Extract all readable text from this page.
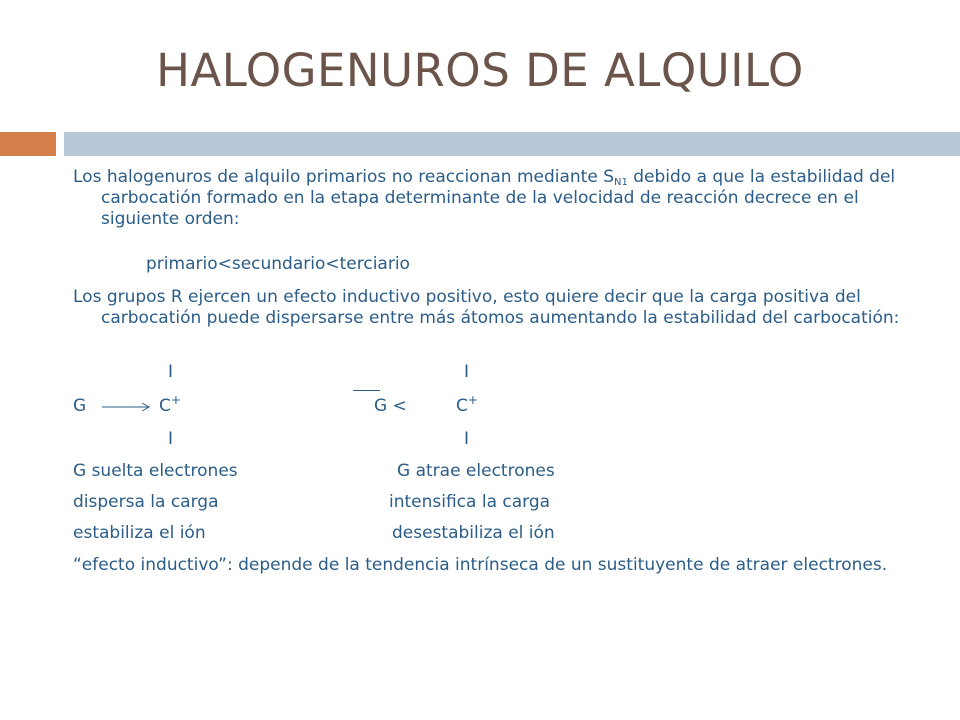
HALOGENUROS DE ALQUILO
Los halogenuros de alquilo primarios no reaccionan mediante $S_{N1}$ debido a que la estabilidad del carbocatión formado en la etapa determinante de la velocidad de reacción decrece en el siguiente orden:
primario<secundario<terciario
Los grupos R ejercen un efecto inductivo positivo, esto quiere decir que la carga positiva del carbocatión puede dispersarse entre más átomos aumentando la estabilidad del carbocatión:
I	I
G	C+	G <	C+
I	I
G suelta electrones	G atrae electrones
dispersa la carga	intensifica la carga
estabiliza el ión	desestabiliza el ión
“efecto inductivo”: depende de la tendencia intrínseca de un sustituyente de atraer electrones.
